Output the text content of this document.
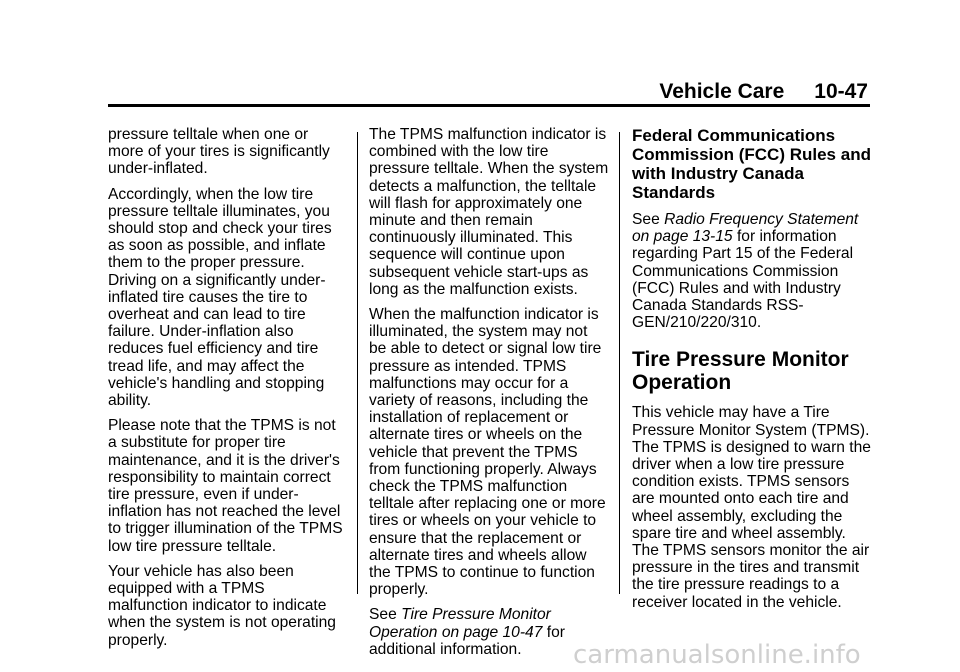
Vehicle Care 10-47

pressure telltale when one or more of your tires is significantly under-inflated.

Accordingly, when the low tire pressure telltale illuminates, you should stop and check your tires as soon as possible, and inflate them to the proper pressure. Driving on a significantly under-inflated tire causes the tire to overheat and can lead to tire failure. Under-inflation also reduces fuel efficiency and tire tread life, and may affect the vehicle's handling and stopping ability.

Please note that the TPMS is not a substitute for proper tire maintenance, and it is the driver's responsibility to maintain correct tire pressure, even if under-inflation has not reached the level to trigger illumination of the TPMS low tire pressure telltale.

Your vehicle has also been equipped with a TPMS malfunction indicator to indicate when the system is not operating properly.

The TPMS malfunction indicator is combined with the low tire pressure telltale. When the system detects a malfunction, the telltale will flash for approximately one minute and then remain continuously illuminated. This sequence will continue upon subsequent vehicle start-ups as long as the malfunction exists.

When the malfunction indicator is illuminated, the system may not be able to detect or signal low tire pressure as intended. TPMS malfunctions may occur for a variety of reasons, including the installation of replacement or alternate tires or wheels on the vehicle that prevent the TPMS from functioning properly. Always check the TPMS malfunction telltale after replacing one or more tires or wheels on your vehicle to ensure that the replacement or alternate tires and wheels allow the TPMS to continue to function properly.

See Tire Pressure Monitor Operation on page 10-47 for additional information.

Federal Communications Commission (FCC) Rules and with Industry Canada Standards

See Radio Frequency Statement on page 13-15 for information regarding Part 15 of the Federal Communications Commission (FCC) Rules and with Industry Canada Standards RSS-GEN/210/220/310.

Tire Pressure Monitor Operation

This vehicle may have a Tire Pressure Monitor System (TPMS). The TPMS is designed to warn the driver when a low tire pressure condition exists. TPMS sensors are mounted onto each tire and wheel assembly, excluding the spare tire and wheel assembly. The TPMS sensors monitor the air pressure in the tires and transmit the tire pressure readings to a receiver located in the vehicle.

carmanualsonline.info
